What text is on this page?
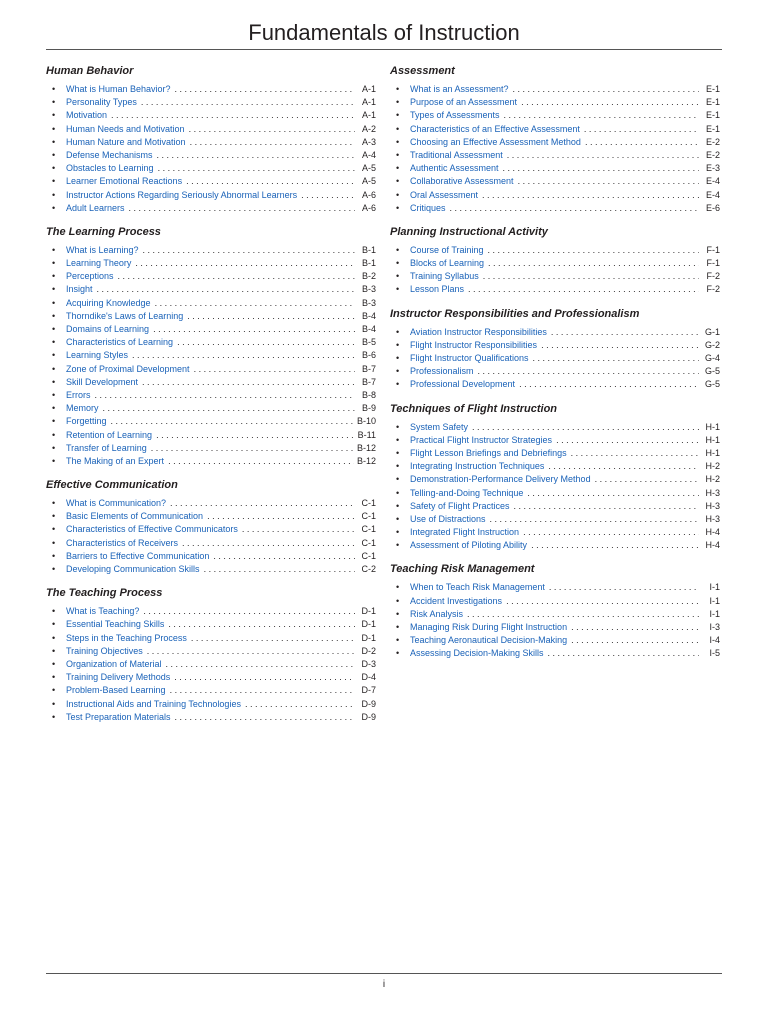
Fundamentals of Instruction
Human Behavior
• What is Human Behavior? . . .	A-1
• Personality Types . . .	A-1
• Motivation . . .	A-1
• Human Needs and Motivation . . .	A-2
• Human Nature and Motivation . . .	A-3
• Defense Mechanisms . . .	A-4
• Obstacles to Learning . . .	A-5
• Learner Emotional Reactions . . .	A-5
• Instructor Actions Regarding Seriously Abnormal Learners . . .	A-6
• Adult Learners . . .	A-6
The Learning Process
• What is Learning? . . .	B-1
• Learning Theory . . .	B-1
• Perceptions . . .	B-2
• Insight . . .	B-3
• Acquiring Knowledge . . .	B-3
• Thorndike's Laws of Learning . . .	B-4
• Domains of Learning . . .	B-4
• Characteristics of Learning . . .	B-5
• Learning Styles . . .	B-6
• Zone of Proximal Development . . .	B-7
• Skill Development . . .	B-7
• Errors . . .	B-8
• Memory . . .	B-9
• Forgetting . . .	B-10
• Retention of Learning . . .	B-11
• Transfer of Learning . . .	B-12
• The Making of an Expert . . .	B-12
Effective Communication
• What is Communication? . . .	C-1
• Basic Elements of Communication . . .	C-1
• Characteristics of Effective Communicators . . .	C-1
• Characteristics of Receivers . . .	C-1
• Barriers to Effective Communication . . .	C-1
• Developing Communication Skills . . .	C-2
The Teaching Process
• What is Teaching? . . .	D-1
• Essential Teaching Skills . . .	D-1
• Steps in the Teaching Process . . .	D-1
• Training Objectives . . .	D-2
• Organization of Material . . .	D-3
• Training Delivery Methods . . .	D-4
• Problem-Based Learning . . .	D-7
• Instructional Aids and Training Technologies . . .	D-9
• Test Preparation Materials . . .	D-9
Assessment
• What is an Assessment? . . .	E-1
• Purpose of an Assessment . . .	E-1
• Types of Assessments . . .	E-1
• Characteristics of an Effective Assessment . . .	E-1
• Choosing an Effective Assessment Method . . .	E-2
• Traditional Assessment . . .	E-2
• Authentic Assessment . . .	E-3
• Collaborative Assessment . . .	E-4
• Oral Assessment . . .	E-4
• Critiques . . .	E-6
Planning Instructional Activity
• Course of Training . . .	F-1
• Blocks of Learning . . .	F-1
• Training Syllabus . . .	F-2
• Lesson Plans . . .	F-2
Instructor Responsibilities and Professionalism
• Aviation Instructor Responsibilities . . .	G-1
• Flight Instructor Responsibilities . . .	G-2
• Flight Instructor Qualifications . . .	G-4
• Professionalism . . .	G-5
• Professional Development . . .	G-5
Techniques of Flight Instruction
• System Safety . . .	H-1
• Practical Flight Instructor Strategies . . .	H-1
• Flight Lesson Briefings and Debriefings . . .	H-1
• Integrating Instruction Techniques . . .	H-2
• Demonstration-Performance Delivery Method . . .	H-2
• Telling-and-Doing Technique . . .	H-3
• Safety of Flight Practices . . .	H-3
• Use of Distractions . . .	H-3
• Integrated Flight Instruction . . .	H-4
• Assessment of Piloting Ability . . .	H-4
Teaching Risk Management
• When to Teach Risk Management . . .	I-1
• Accident Investigations . . .	I-1
• Risk Analysis . . .	I-1
• Managing Risk During Flight Instruction . . .	I-3
• Teaching Aeronautical Decision-Making . . .	I-4
• Assessing Decision-Making Skills . . .	I-5
i
